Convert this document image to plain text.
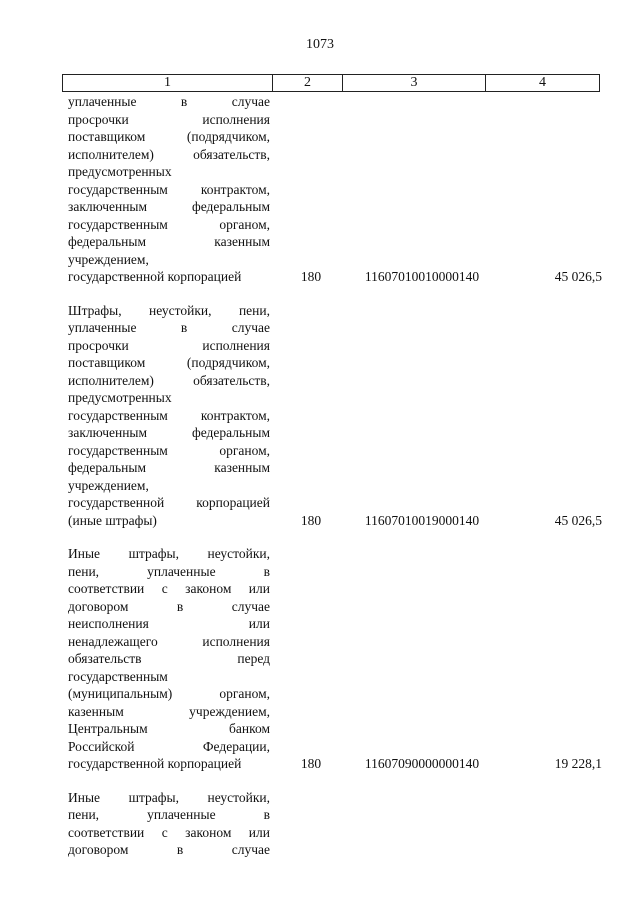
1073
1	2	3	4
уплаченные в случае
просрочки исполнения
поставщиком (подрядчиком,
исполнителем) обязательств,
предусмотренных
государственным контрактом,
заключенным федеральным
государственным органом,
федеральным казенным
учреждением,
государственной корпорацией	180	11607010010000140	45 026,5
Штрафы, неустойки, пени,
уплаченные в случае
просрочки исполнения
поставщиком (подрядчиком,
исполнителем) обязательств,
предусмотренных
государственным контрактом,
заключенным федеральным
государственным органом,
федеральным казенным
учреждением,
государственной корпорацией
(иные штрафы)	180	11607010019000140	45 026,5
Иные штрафы, неустойки,
пени, уплаченные в
соответствии с законом или
договором в случае
неисполнения или
ненадлежащего исполнения
обязательств перед
государственным
(муниципальным) органом,
казенным учреждением,
Центральным банком
Российской Федерации,
государственной корпорацией	180	11607090000000140	19 228,1
Иные штрафы, неустойки,
пени, уплаченные в
соответствии с законом или
договором в случае
